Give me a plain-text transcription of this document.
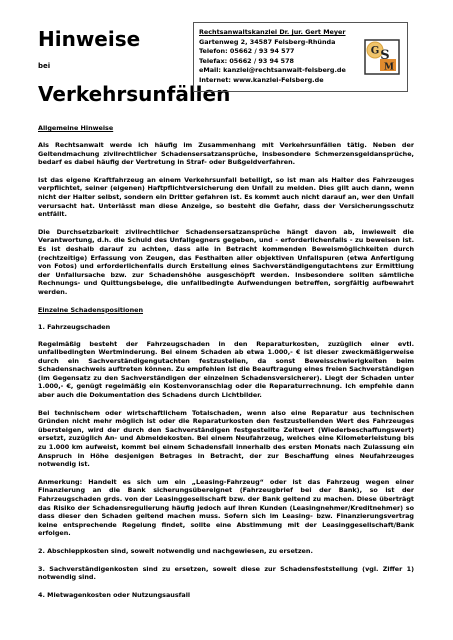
Hinweise

bei

Verkehrsunfällen
Rechtsanwaltskanzlei Dr. jur. Gert Meyer
Gartenweg 2, 34587 Felsberg-Rhünda
Telefon: 05662 / 93 94 577
Telefax: 05662 / 93 94 578
eMail: kanzlei@rechtsanwalt-felsberg.de
Internet: www.kanzlei-Felsberg.de
G S
M

Allgemeine Hinweise

Als Rechtsanwalt werde ich häufig im Zusammenhang mit Verkehrsunfällen tätig. Neben der Geltendmachung zivilrechtlicher Schadensersatzansprüche, insbesondere Schmerzensgeldansprüche, bedarf es dabei häufig der Vertretung in Straf- oder Bußgeldverfahren.

Ist das eigene Kraftfahrzeug an einem Verkehrsunfall beteiligt, so ist man als Halter des Fahrzeuges verpflichtet, seiner (eigenen) Haftpflichtversicherung den Unfall zu melden. Dies gilt auch dann, wenn nicht der Halter selbst, sondern ein Dritter gefahren ist. Es kommt auch nicht darauf an, wer den Unfall verursacht hat. Unterlässt man diese Anzeige, so besteht die Gefahr, dass der Versicherungsschutz entfällt.

Die Durchsetzbarkeit zivilrechtlicher Schadensersatzansprüche hängt davon ab, inwieweit die Verantwortung, d.h. die Schuld des Unfallgegners gegeben, und - erforderlichenfalls - zu beweisen ist. Es ist deshalb darauf zu achten, dass alle in Betracht kommenden Beweismöglichkeiten durch (rechtzeitige) Erfassung von Zeugen, das Festhalten aller objektiven Unfallspuren (etwa Anfertigung von Fotos) und erforderlichenfalls durch Erstellung eines Sachverständigengutachtens zur Ermittlung der Unfallursache bzw. zur Schadenshöhe ausgeschöpft werden. Insbesondere sollten sämtliche Rechnungs- und Quittungsbelege, die unfallbedingte Aufwendungen betreffen, sorgfältig aufbewahrt werden.

Einzelne Schadenspositionen

1. Fahrzeugschaden

Regelmäßig besteht der Fahrzeugschaden in den Reparaturkosten, zuzüglich einer evtl. unfallbedingten Wertminderung. Bei einem Schaden ab etwa 1.000,- € ist dieser zweckmäßigerweise durch ein Sachverständigengutachten festzustellen, da sonst Beweisschwierigkeiten beim Schadensnachweis auftreten können. Zu empfehlen ist die Beauftragung eines freien Sachverständigen (im Gegensatz zu den Sachverständigen der einzelnen Schadensversicherer). Liegt der Schaden unter 1.000,- €, genügt regelmäßig ein Kostenvoranschlag oder die Reparaturrechnung. Ich empfehle dann aber auch die Dokumentation des Schadens durch Lichtbilder.

Bei technischem oder wirtschaftlichem Totalschaden, wenn also eine Reparatur aus technischen Gründen nicht mehr möglich ist oder die Reparaturkosten den festzustellenden Wert des Fahrzeuges übersteigen, wird der durch den Sachverständigen festgestellte Zeitwert (Wiederbeschaffungswert) ersetzt, zuzüglich An- und Abmeldekosten. Bei einem Neufahrzeug, welches eine Kilometerleistung bis zu 1.000 km aufweist, kommt bei einem Schadensfall innerhalb des ersten Monats nach Zulassung ein Anspruch in Höhe desjenigen Betrages in Betracht, der zur Beschaffung eines Neufahrzeuges notwendig ist.

Anmerkung: Handelt es sich um ein „Leasing-Fahrzeug“ oder ist das Fahrzeug wegen einer Finanzierung an die Bank sicherungsübereignet (Fahrzeugbrief bei der Bank), so ist der Fahrzeugschaden grds. von der Leasinggesellschaft bzw. der Bank geltend zu machen. Diese überträgt das Risiko der Schadensregulierung häufig jedoch auf ihren Kunden (Leasingnehmer/Kreditnehmer) so dass dieser den Schaden geltend machen muss. Sofern sich im Leasing- bzw. Finanzierungsvertrag keine entsprechende Regelung findet, sollte eine Abstimmung mit der Leasinggesellschaft/Bank erfolgen.

2. Abschleppkosten sind, soweit notwendig und nachgewiesen, zu ersetzen.

3. Sachverständigenkosten sind zu ersetzen, soweit diese zur Schadensfeststellung (vgl. Ziffer 1) notwendig sind.

4. Mietwagenkosten oder Nutzungsausfall
